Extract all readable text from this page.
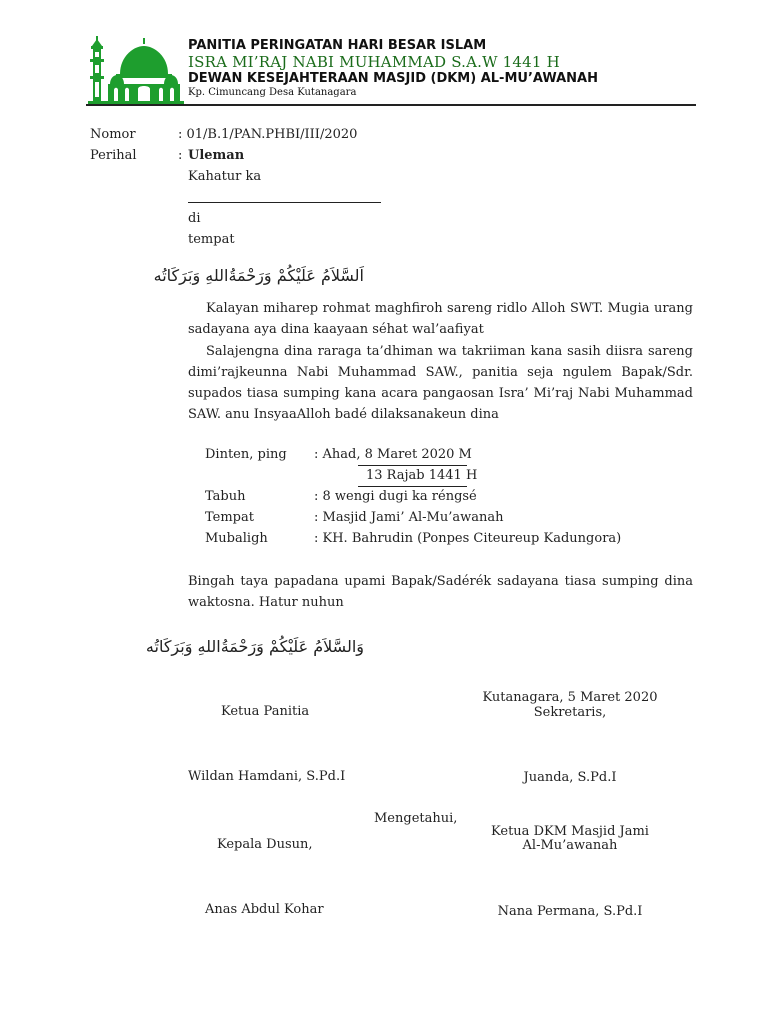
PANITIA PERINGATAN HARI BESAR ISLAM
ISRA MI’RAJ NABI MUHAMMAD S.A.W 1441 H
DEWAN KESEJAHTERAAN MASJID (DKM) AL-MU’AWANAH
Kp. Cimuncang Desa Kutanagara
Nomor	: 01/B.1/PAN.PHBI/III/2020
Perihal	: Uleman
Kahatur ka
di
tempat
اَلسَّلاَمُ عَلَيْكُمْ وَرَحْمَةُاللهِ وَبَرَكَاتُه
Kalayan miharep rohmat maghfiroh sareng ridlo Alloh SWT. Mugia urang sadayana aya dina kaayaan séhat wal’aafiyat
Salajengna dina raraga ta’dhiman wa takriiman kana sasih diisra sareng dimi’rajkeunna Nabi Muhammad SAW., panitia seja ngulem Bapak/Sdr. supados tiasa sumping kana acara pangaosan Isra’ Mi’raj Nabi Muhammad SAW. anu InsyaaAlloh badé dilaksanakeun dina
Dinten, ping : Ahad, 8 Maret 2020 M
13 Rajab 1441 H
Tabuh	: 8 wengi dugi ka réngsé
Tempat	: Masjid Jami’ Al-Mu’awanah
Mubaligh	: KH. Bahrudin (Ponpes Citeureup Kadungora)
Bingah taya papadana upami Bapak/Sadérék sadayana tiasa sumping dina waktosna. Hatur nuhun
وَالسَّلاَمُ عَلَيْكُمْ وَرَحْمَةُاللهِ وَبَرَكَاتُه
Kutanagara, 5 Maret 2020
Sekretaris,
Ketua Panitia
Wildan Hamdani, S.Pd.I	Juanda, S.Pd.I
Mengetahui,
Ketua DKM Masjid Jami
Al-Mu’awanah
Kepala Dusun,
Anas Abdul Kohar	Nana Permana, S.Pd.I
